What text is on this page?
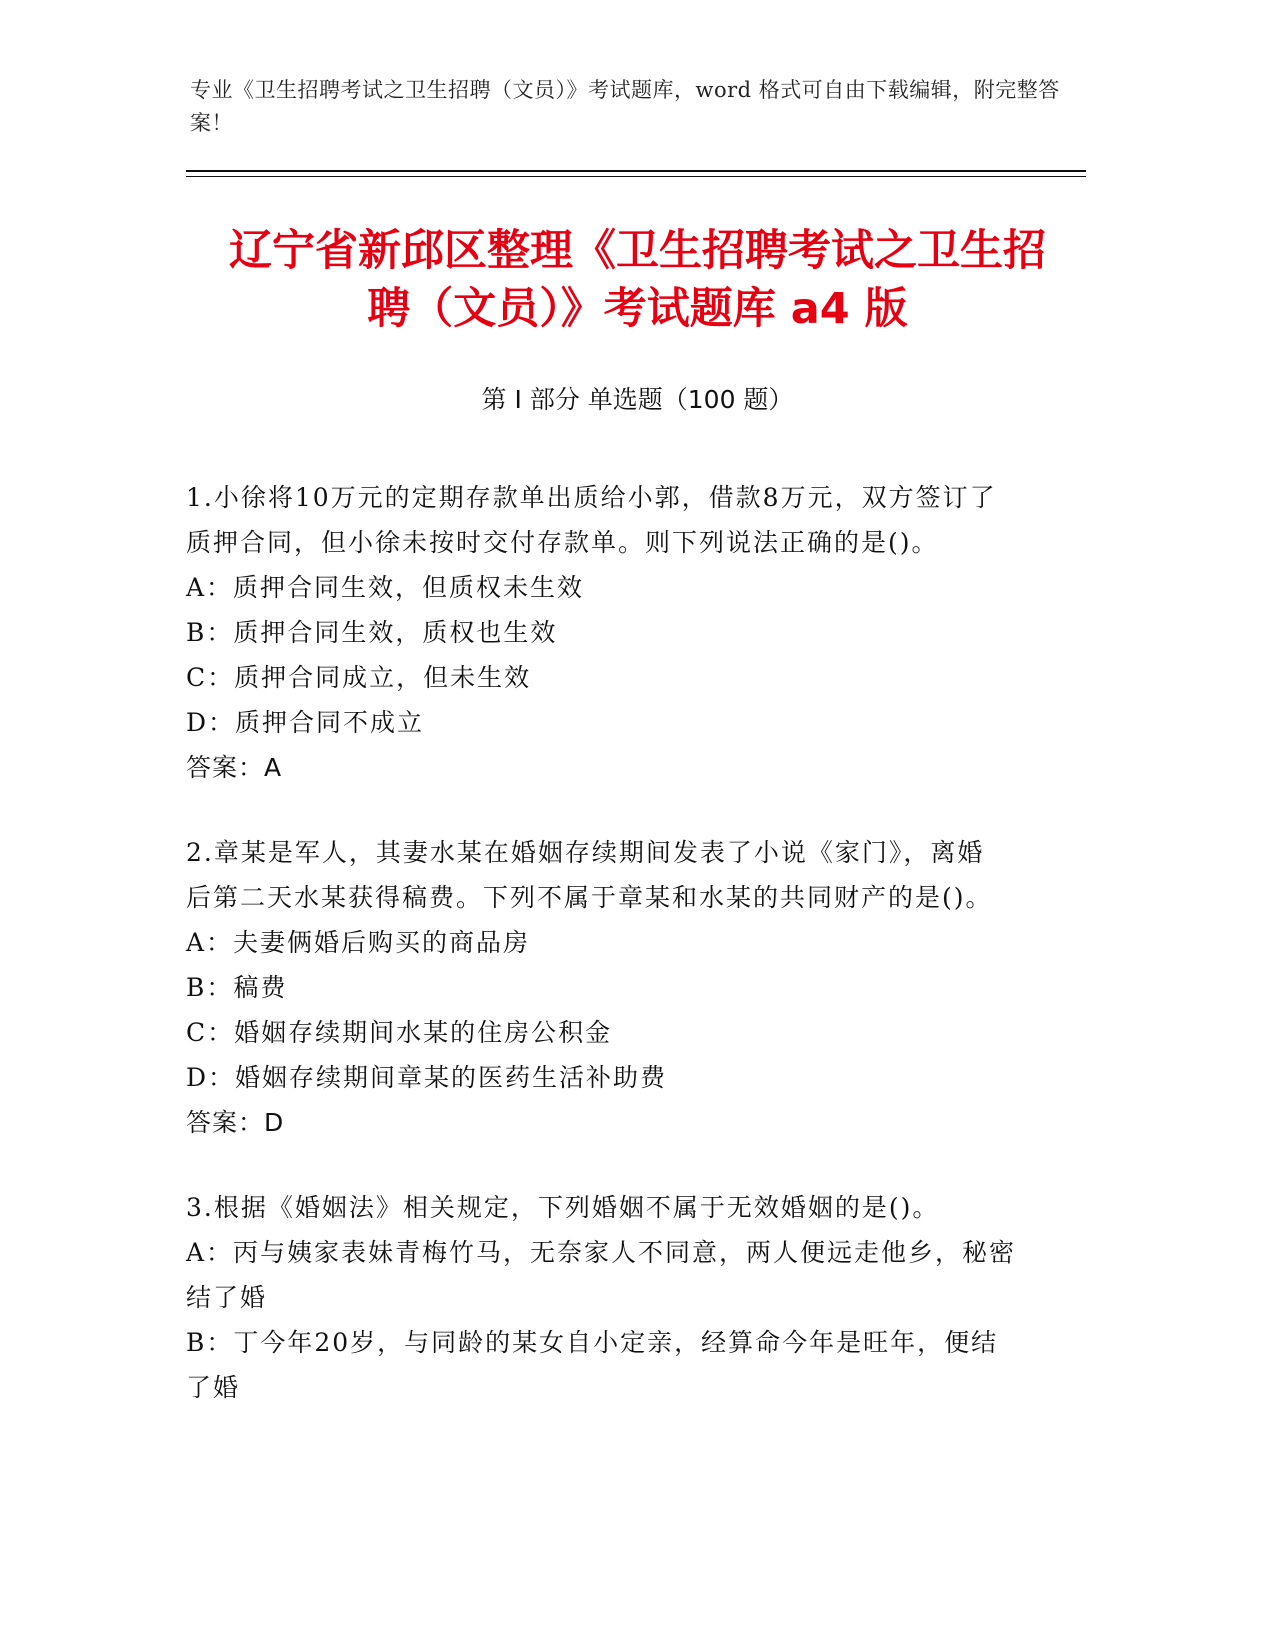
专业《卫生招聘考试之卫生招聘（文员）》考试题库，word 格式可自由下载编辑，附完整答案！
辽宁省新邱区整理《卫生招聘考试之卫生招
聘（文员）》考试题库 a4 版
第 I 部分 单选题（100 题）
1.小徐将10万元的定期存款单出质给小郭，借款8万元，双方签订了
质押合同，但小徐未按时交付存款单。则下列说法正确的是()。
A：质押合同生效，但质权未生效
B：质押合同生效，质权也生效
C：质押合同成立，但未生效
D：质押合同不成立
答案：A
2.章某是军人，其妻水某在婚姻存续期间发表了小说《家门》，离婚
后第二天水某获得稿费。下列不属于章某和水某的共同财产的是()。
A：夫妻俩婚后购买的商品房
B：稿费
C：婚姻存续期间水某的住房公积金
D：婚姻存续期间章某的医药生活补助费
答案：D
3.根据《婚姻法》相关规定，下列婚姻不属于无效婚姻的是()。
A：丙与姨家表妹青梅竹马，无奈家人不同意，两人便远走他乡，秘密
结了婚
B：丁今年20岁，与同龄的某女自小定亲，经算命今年是旺年，便结
了婚
